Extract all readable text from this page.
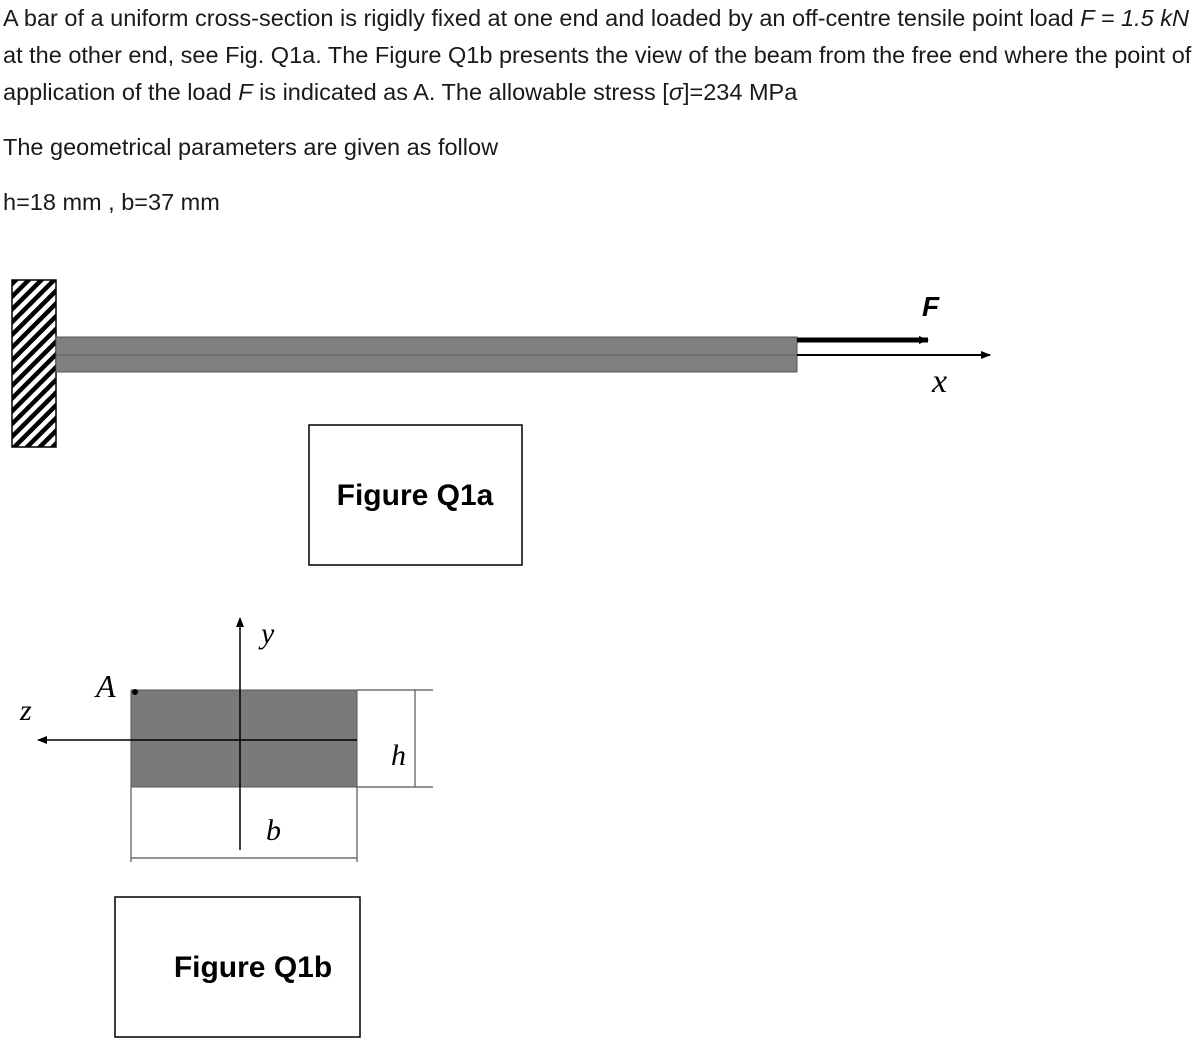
A bar of a uniform cross-section is rigidly fixed at one end and loaded by an off-centre tensile point load F = 1.5 kN at the other end, see Fig. Q1a. The Figure Q1b presents the view of the beam from the free end where the point of application of the load F is indicated as A. The allowable stress [σ]=234 MPa

The geometrical parameters are given as follow

h=18 mm , b=37 mm

F
x
Figure Q1a
y
z
A
h
b
Figure Q1b
